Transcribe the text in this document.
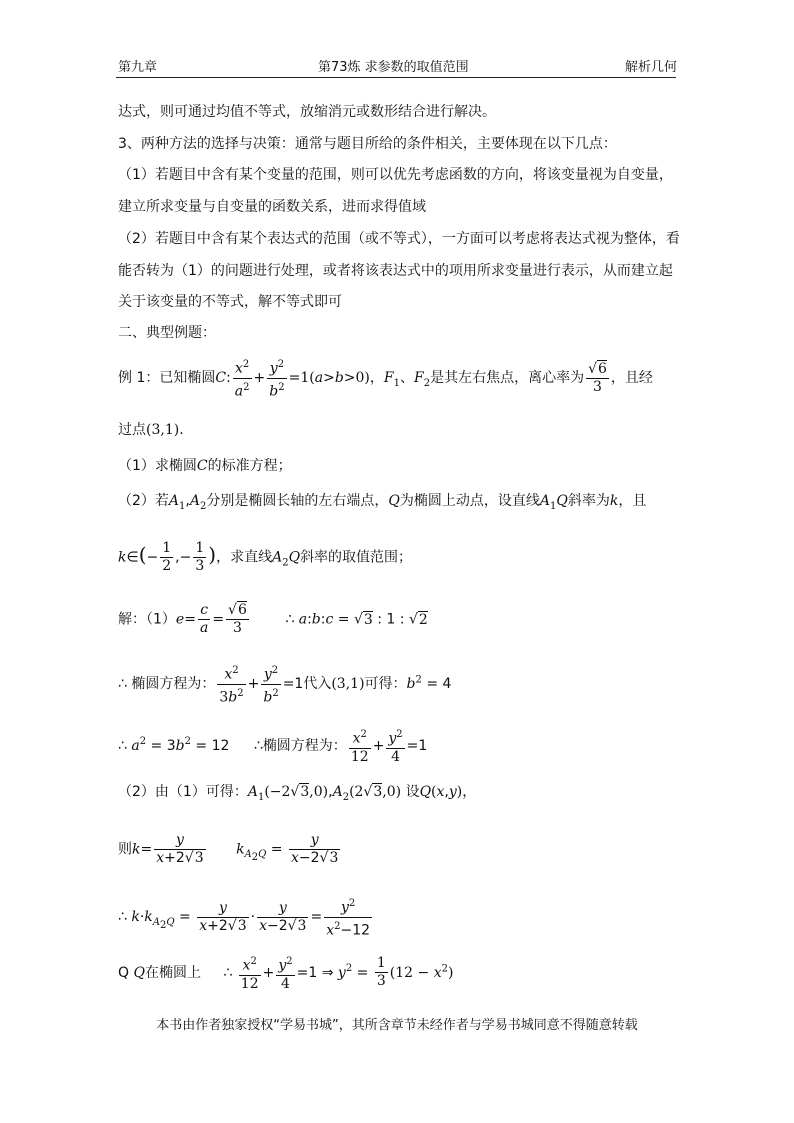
第九章	第73炼 求参数的取值范围	解析几何
达式，则可通过均值不等式，放缩消元或数形结合进行解决。
3、两种方法的选择与决策：通常与题目所给的条件相关，主要体现在以下几点：
（1）若题目中含有某个变量的范围，则可以优先考虑函数的方向，将该变量视为自变量，
建立所求变量与自变量的函数关系，进而求得值域
（2）若题目中含有某个表达式的范围（或不等式），一方面可以考虑将表达式视为整体，看
能否转为（1）的问题进行处理，或者将该表达式中的项用所求变量进行表示，从而建立起
关于该变量的不等式，解不等式即可
二、典型例题：
例 1：已知椭圆C: $\frac{x^2}{a^2} + \frac{y^2}{b^2} =1(a>b>0)$，$F_1$、$F_2$是其左右焦点，离心率为 $\frac{√6}{3}$ ，且经
过点(3,1).
（1）求椭圆C的标准方程；
（2）若$A_1,A_2$分别是椭圆长轴的左右端点，Q为椭圆上动点，设直线$A_1Q$斜率为k，且
k∈(− $\frac{1}{2}$ ,− $\frac{1}{3}$ )，求直线$A_2Q$斜率的取值范围；
解：$(1)e= \frac{c}{a} = \frac{√6}{3}$	∴ a:b:c = √3 : 1 : √2
∴ 椭圆方程为： $\frac{x^2}{3b^2} + \frac{y^2}{b^2} =1$代入(3,1)可得：$b^2 = 4$
∴ $a^2 = 3b^2 = 12$ ∴椭圆方程为： $\frac{x^2}{12} + \frac{y^2}{4} =1$
（2）由（1）可得：$A_1(-2√3,0),A_2(2√3,0)$ 设Q(x,y)，
则$k= \frac{y}{x+2√3} k_{A_2Q} = \frac{y}{x-2√3}$
∴ $k\cdot k_{A_2Q} = \frac{y}{x+2√3} \cdot \frac{y}{x-2√3} = \frac{y^2}{x^2-12}$
Q Q在椭圆上 ∴ $\frac{x^2}{12} + \frac{y^2}{4} =1$ ⇒ $y^2 = \frac{1}{3} (12 - x^2)$
本书由作者独家授权“学易书城”，其所含章节未经作者与学易书城同意不得随意转载
